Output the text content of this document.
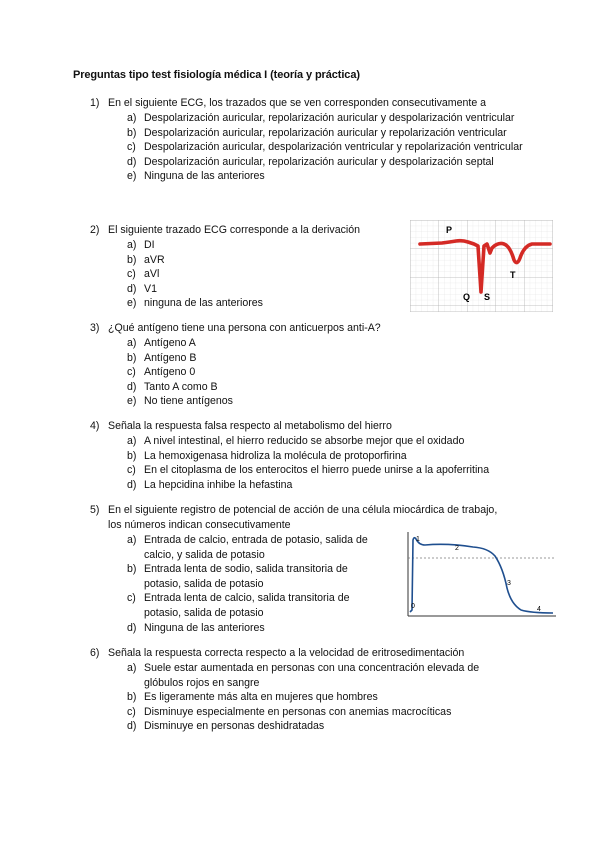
Preguntas tipo test fisiología médica I (teoría y práctica)
1) En el siguiente ECG, los trazados que se ven corresponden consecutivamente a
a) Despolarización auricular, repolarización auricular y despolarización ventricular
b) Despolarización auricular, repolarización auricular y repolarización ventricular
c) Despolarización auricular, despolarización ventricular y repolarización ventricular
d) Despolarización auricular, repolarización auricular y despolarización septal
e) Ninguna de las anteriores
2) El siguiente trazado ECG corresponde a la derivación
a) DI
b) aVR
c) aVl
d) V1
e) ninguna de las anteriores
P
Q S
T
3) ¿Qué antígeno tiene una persona con anticuerpos anti-A?
a) Antígeno A
b) Antígeno B
c) Antígeno 0
d) Tanto A como B
e) No tiene antígenos
4) Señala la respuesta falsa respecto al metabolismo del hierro
a) A nivel intestinal, el hierro reducido se absorbe mejor que el oxidado
b) La hemoxigenasa hidroliza la molécula de protoporfirina
c) En el citoplasma de los enterocitos el hierro puede unirse a la apoferritina
d) La hepcidina inhibe la hefastina
5) En el siguiente registro de potencial de acción de una célula miocárdica de trabajo,
los números indican consecutivamente
a) Entrada de calcio, entrada de potasio, salida de calcio, y salida de potasio
b) Entrada lenta de sodio, salida transitoria de potasio, salida de potasio
c) Entrada lenta de calcio, salida transitoria de potasio, salida de potasio
d) Ninguna de las anteriores
0
1
2
3
4
6) Señala la respuesta correcta respecto a la velocidad de eritrosedimentación
a) Suele estar aumentada en personas con una concentración elevada de glóbulos rojos en sangre
b) Es ligeramente más alta en mujeres que hombres
c) Disminuye especialmente en personas con anemias macrocíticas
d) Disminuye en personas deshidratadas
